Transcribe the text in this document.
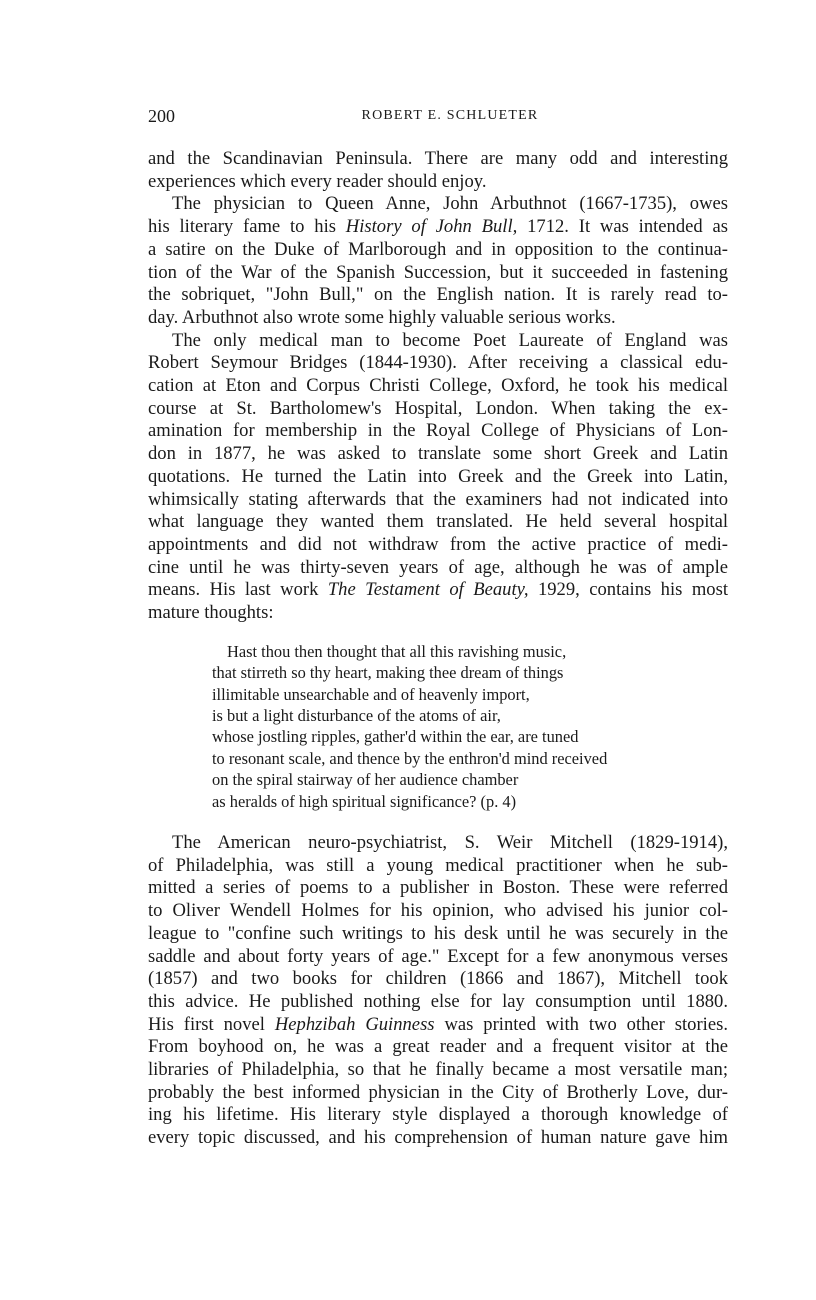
200	ROBERT E. SCHLUETER

and the Scandinavian Peninsula. There are many odd and interesting
experiences which every reader should enjoy.

The physician to Queen Anne, John Arbuthnot (1667-1735), owes
his literary fame to his History of John Bull, 1712. It was intended as
a satire on the Duke of Marlborough and in opposition to the continua-
tion of the War of the Spanish Succession, but it succeeded in fastening
the sobriquet, "John Bull," on the English nation. It is rarely read to-
day. Arbuthnot also wrote some highly valuable serious works.

The only medical man to become Poet Laureate of England was
Robert Seymour Bridges (1844-1930). After receiving a classical edu-
cation at Eton and Corpus Christi College, Oxford, he took his medical
course at St. Bartholomew's Hospital, London. When taking the ex-
amination for membership in the Royal College of Physicians of Lon-
don in 1877, he was asked to translate some short Greek and Latin
quotations. He turned the Latin into Greek and the Greek into Latin,
whimsically stating afterwards that the examiners had not indicated into
what language they wanted them translated. He held several hospital
appointments and did not withdraw from the active practice of medi-
cine until he was thirty-seven years of age, although he was of ample
means. His last work The Testament of Beauty, 1929, contains his most
mature thoughts:

Hast thou then thought that all this ravishing music,
that stirreth so thy heart, making thee dream of things
illimitable unsearchable and of heavenly import,
is but a light disturbance of the atoms of air,
whose jostling ripples, gather'd within the ear, are tuned
to resonant scale, and thence by the enthron'd mind received
on the spiral stairway of her audience chamber
as heralds of high spiritual significance? (p. 4)

The American neuro-psychiatrist, S. Weir Mitchell (1829-1914),
of Philadelphia, was still a young medical practitioner when he sub-
mitted a series of poems to a publisher in Boston. These were referred
to Oliver Wendell Holmes for his opinion, who advised his junior col-
league to "confine such writings to his desk until he was securely in the
saddle and about forty years of age." Except for a few anonymous verses
(1857) and two books for children (1866 and 1867), Mitchell took
this advice. He published nothing else for lay consumption until 1880.
His first novel Hephzibah Guinness was printed with two other stories.
From boyhood on, he was a great reader and a frequent visitor at the
libraries of Philadelphia, so that he finally became a most versatile man;
probably the best informed physician in the City of Brotherly Love, dur-
ing his lifetime. His literary style displayed a thorough knowledge of
every topic discussed, and his comprehension of human nature gave him
